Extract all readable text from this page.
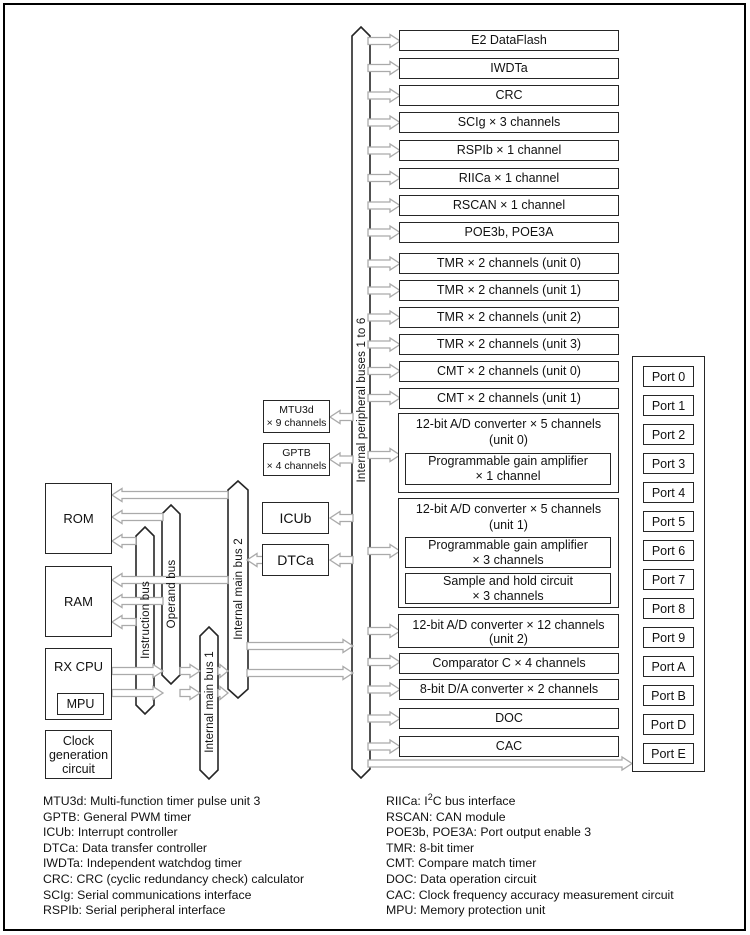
Internal peripheral buses 1 to 6
Instruction bus Operand bus
Internal main bus 1
Internal main bus 2
ROM
RAM
RX CPU
MPU
Clock generation circuit
MTU3d
× 9 channels
GPTB
× 4 channels
ICUb
DTCa
E2 DataFlash
IWDTa
CRC
SCIg × 3 channels
RSPIb × 1 channel
RIICa × 1 channel
RSCAN × 1 channel
POE3b, POE3A
TMR × 2 channels (unit 0)
TMR × 2 channels (unit 1)
TMR × 2 channels (unit 2)
TMR × 2 channels (unit 3)
CMT × 2 channels (unit 0)
CMT × 2 channels (unit 1)
12-bit A/D converter × 5 channels
(unit 0)
Programmable gain amplifier
× 1 channel
12-bit A/D converter × 5 channels
(unit 1)
Programmable gain amplifier
× 3 channels
Sample and hold circuit
× 3 channels
12-bit A/D converter × 12 channels
(unit 2)
Comparator C × 4 channels
8-bit D/A converter × 2 channels
DOC
CAC
Port 0
Port 1
Port 2
Port 3
Port 4
Port 5
Port 6
Port 7
Port 8
Port 9
Port A
Port B
Port D
Port E
MTU3d: Multi-function timer pulse unit 3
GPTB: General PWM timer
ICUb: Interrupt controller
DTCa: Data transfer controller
IWDTa: Independent watchdog timer
CRC: CRC (cyclic redundancy check) calculator
SCIg: Serial communications interface
RSPIb: Serial peripheral interface
RIICa: $I^2C$ bus interface
RSCAN: CAN module
POE3b, POE3A: Port output enable 3
TMR: 8-bit timer
CMT: Compare match timer
DOC: Data operation circuit
CAC: Clock frequency accuracy measurement circuit
MPU: Memory protection unit
